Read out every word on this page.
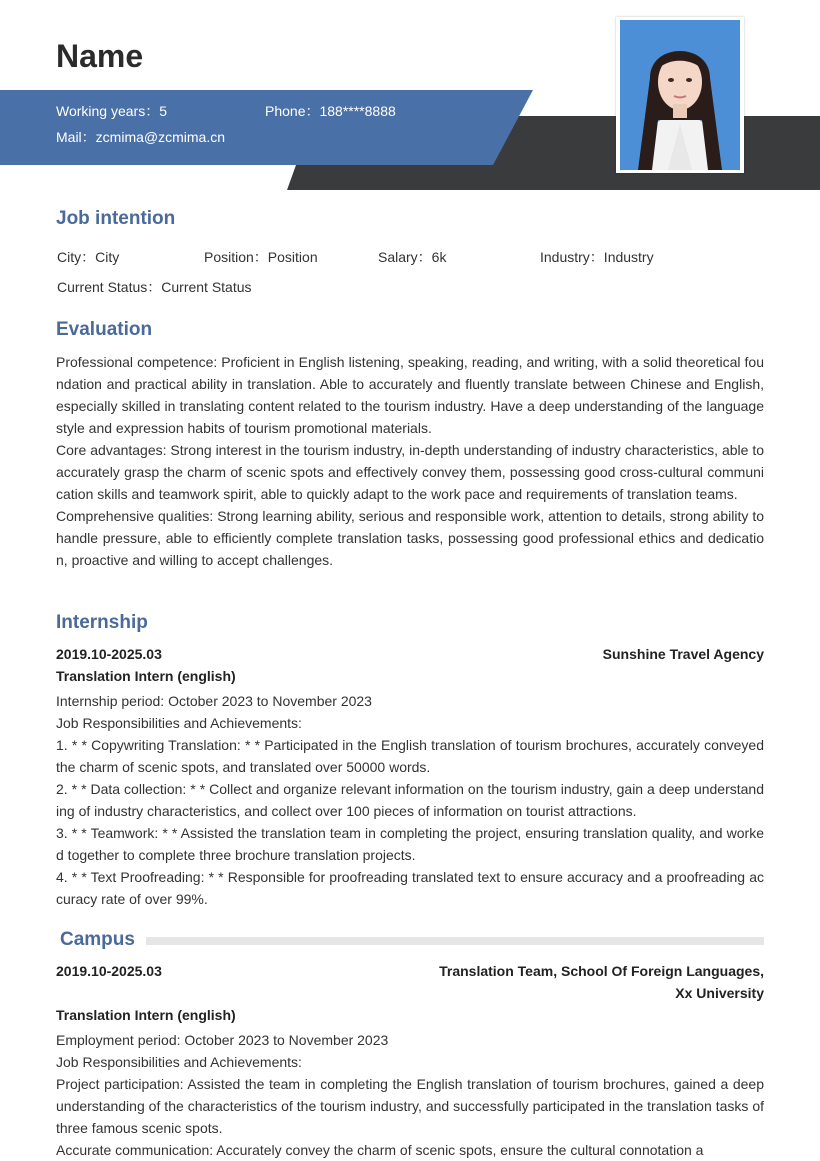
Name
Working years：5	Phone：188****8888
Mail：zcmima@zcmima.cn
Job intention
City：City	Position：Position	Salary：6k	Industry：Industry
Current Status：Current Status
Evaluation

Professional competence: Proficient in English listening, speaking, reading, and writing, with a solid theoretical foundation and practical ability in translation. Able to accurately and fluently translate between Chinese and English, especially skilled in translating content related to the tourism industry. Have a deep understanding of the language style and expression habits of tourism promotional materials.

Core advantages: Strong interest in the tourism industry, in-depth understanding of industry characteristics, able to accurately grasp the charm of scenic spots and effectively convey them, possessing good cross-cultural communication skills and teamwork spirit, able to quickly adapt to the work pace and requirements of translation teams.

Comprehensive qualities: Strong learning ability, serious and responsible work, attention to details, strong ability to handle pressure, able to efficiently complete translation tasks, possessing good professional ethics and dedication, proactive and willing to accept challenges.

Internship
2019.10-2025.03	Sunshine Travel Agency
Translation Intern (english)

Internship period: October 2023 to November 2023

Job Responsibilities and Achievements:

1. * * Copywriting Translation: * * Participated in the English translation of tourism brochures, accurately conveyed the charm of scenic spots, and translated over 50000 words.

2. * * Data collection: * * Collect and organize relevant information on the tourism industry, gain a deep understanding of industry characteristics, and collect over 100 pieces of information on tourist attractions.

3. * * Teamwork: * * Assisted the translation team in completing the project, ensuring translation quality, and worked together to complete three brochure translation projects.

4. * * Text Proofreading: * * Responsible for proofreading translated text to ensure accuracy and a proofreading accuracy rate of over 99%.

Campus
2019.10-2025.03	Translation Team, School Of Foreign Languages,
Xx University
Translation Intern (english)

Employment period: October 2023 to November 2023

Job Responsibilities and Achievements:

Project participation: Assisted the team in completing the English translation of tourism brochures, gained a deep understanding of the characteristics of the tourism industry, and successfully participated in the translation tasks of three famous scenic spots.

Accurate communication: Accurately convey the charm of scenic spots, ensure the cultural connotation a
